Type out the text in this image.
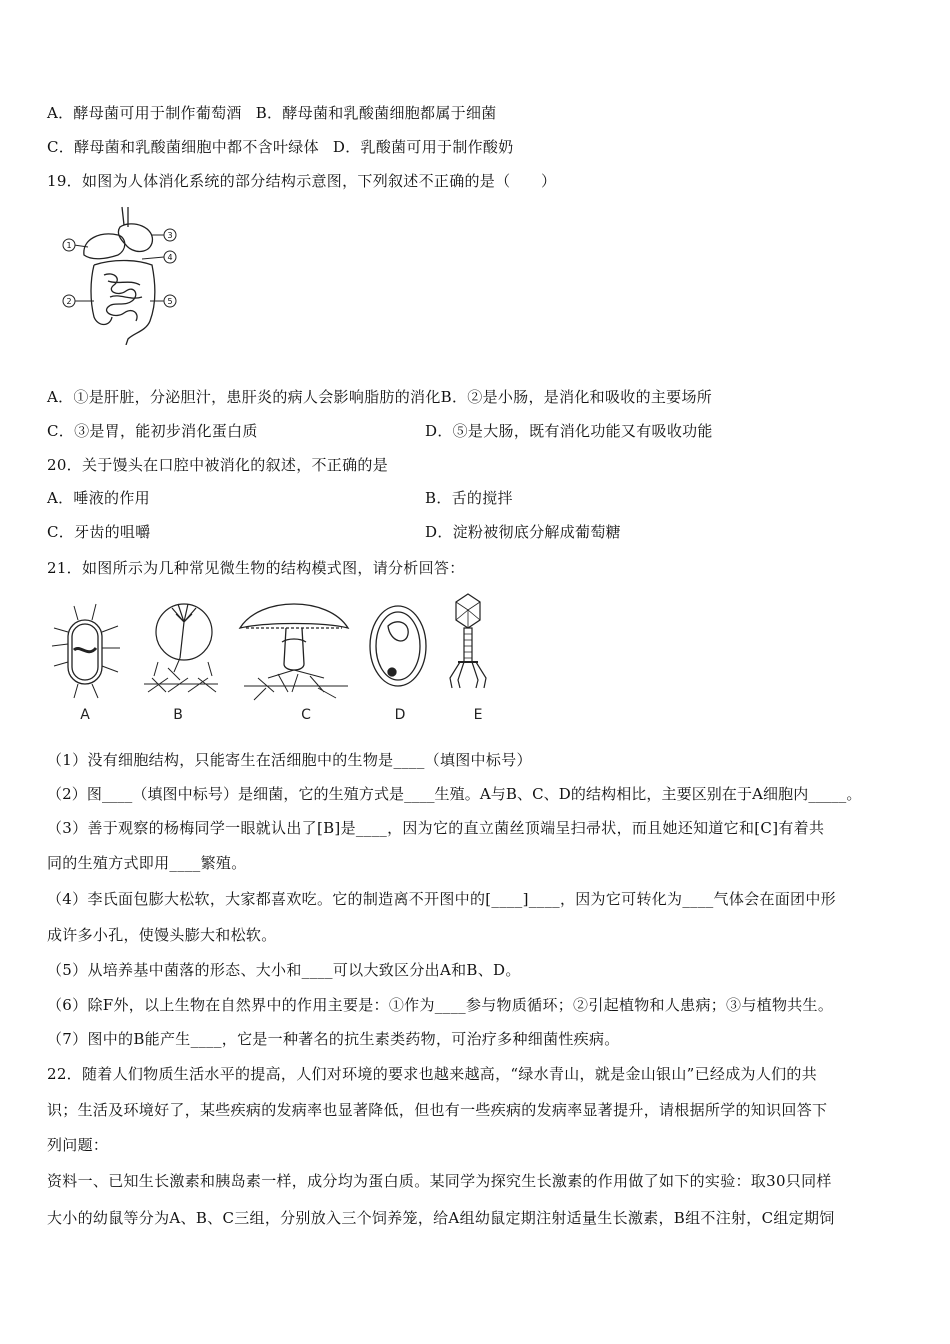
A．酵母菌可用于制作葡萄酒 B．酵母菌和乳酸菌细胞都属于细菌
C．酵母菌和乳酸菌细胞中都不含叶绿体 D．乳酸菌可用于制作酸奶
19．如图为人体消化系统的部分结构示意图，下列叙述不正确的是（　　）
1
2
3
4
5
A．①是肝脏，分泌胆汁，患肝炎的病人会影响脂肪的消化B．②是小肠，是消化和吸收的主要场所
C．③是胃，能初步消化蛋白质	D．⑤是大肠，既有消化功能又有吸收功能
20．关于馒头在口腔中被消化的叙述，不正确的是
A．唾液的作用	B．舌的搅拌
C．牙齿的咀嚼	D．淀粉被彻底分解成葡萄糖
21．如图所示为几种常见微生物的结构模式图，请分析回答：
A	B	C	D	E
（1）没有细胞结构，只能寄生在活细胞中的生物是____（填图中标号）
（2）图____（填图中标号）是细菌，它的生殖方式是____生殖。A与B、C、D的结构相比，主要区别在于A细胞内_____。
（3）善于观察的杨梅同学一眼就认出了[B]是____，因为它的直立菌丝顶端呈扫帚状，而且她还知道它和[C]有着共
同的生殖方式即用____繁殖。
（4）李氏面包膨大松软，大家都喜欢吃。它的制造离不开图中的[____]____，因为它可转化为____气体会在面团中形
成许多小孔，使馒头膨大和松软。
（5）从培养基中菌落的形态、大小和____可以大致区分出A和B、D。
（6）除F外，以上生物在自然界中的作用主要是：①作为____参与物质循环；②引起植物和人患病；③与植物共生。
（7）图中的B能产生____，它是一种著名的抗生素类药物，可治疗多种细菌性疾病。
22．随着人们物质生活水平的提高，人们对环境的要求也越来越高，“绿水青山，就是金山银山”已经成为人们的共
识；生活及环境好了，某些疾病的发病率也显著降低，但也有一些疾病的发病率显著提升，请根据所学的知识回答下
列问题：
资料一、已知生长激素和胰岛素一样，成分均为蛋白质。某同学为探究生长激素的作用做了如下的实验：取30只同样
大小的幼鼠等分为A、B、C三组，分别放入三个饲养笼，给A组幼鼠定期注射适量生长激素，B组不注射，C组定期饲
